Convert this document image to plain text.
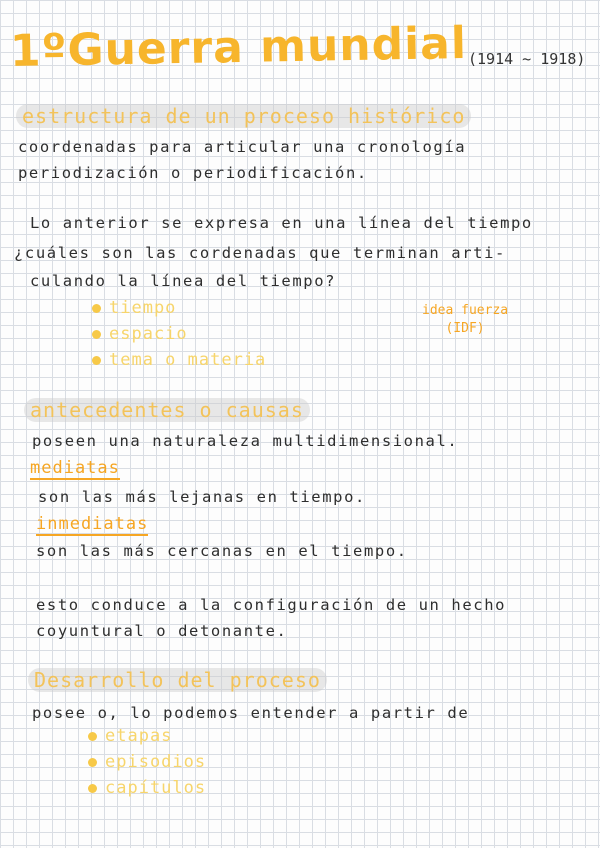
1ºGuerra mundial (1914 ~ 1918)
estructura de un proceso histórico
coordenadas para articular una cronología
periodización o periodificación.
Lo anterior se expresa en una línea del tiempo
¿cuáles son las cordenadas que terminan arti-
culando la línea del tiempo?
tiempo
espacio
tema o materia
idea fuerza
(IDF)
antecedentes o causas
poseen una naturaleza multidimensional.
mediatas
son las más lejanas en tiempo.
inmediatas
son las más cercanas en el tiempo.
esto conduce a la configuración de un hecho
coyuntural o detonante.
Desarrollo del proceso
posee o, lo podemos entender a partir de
etapas
episodios
capítulos
